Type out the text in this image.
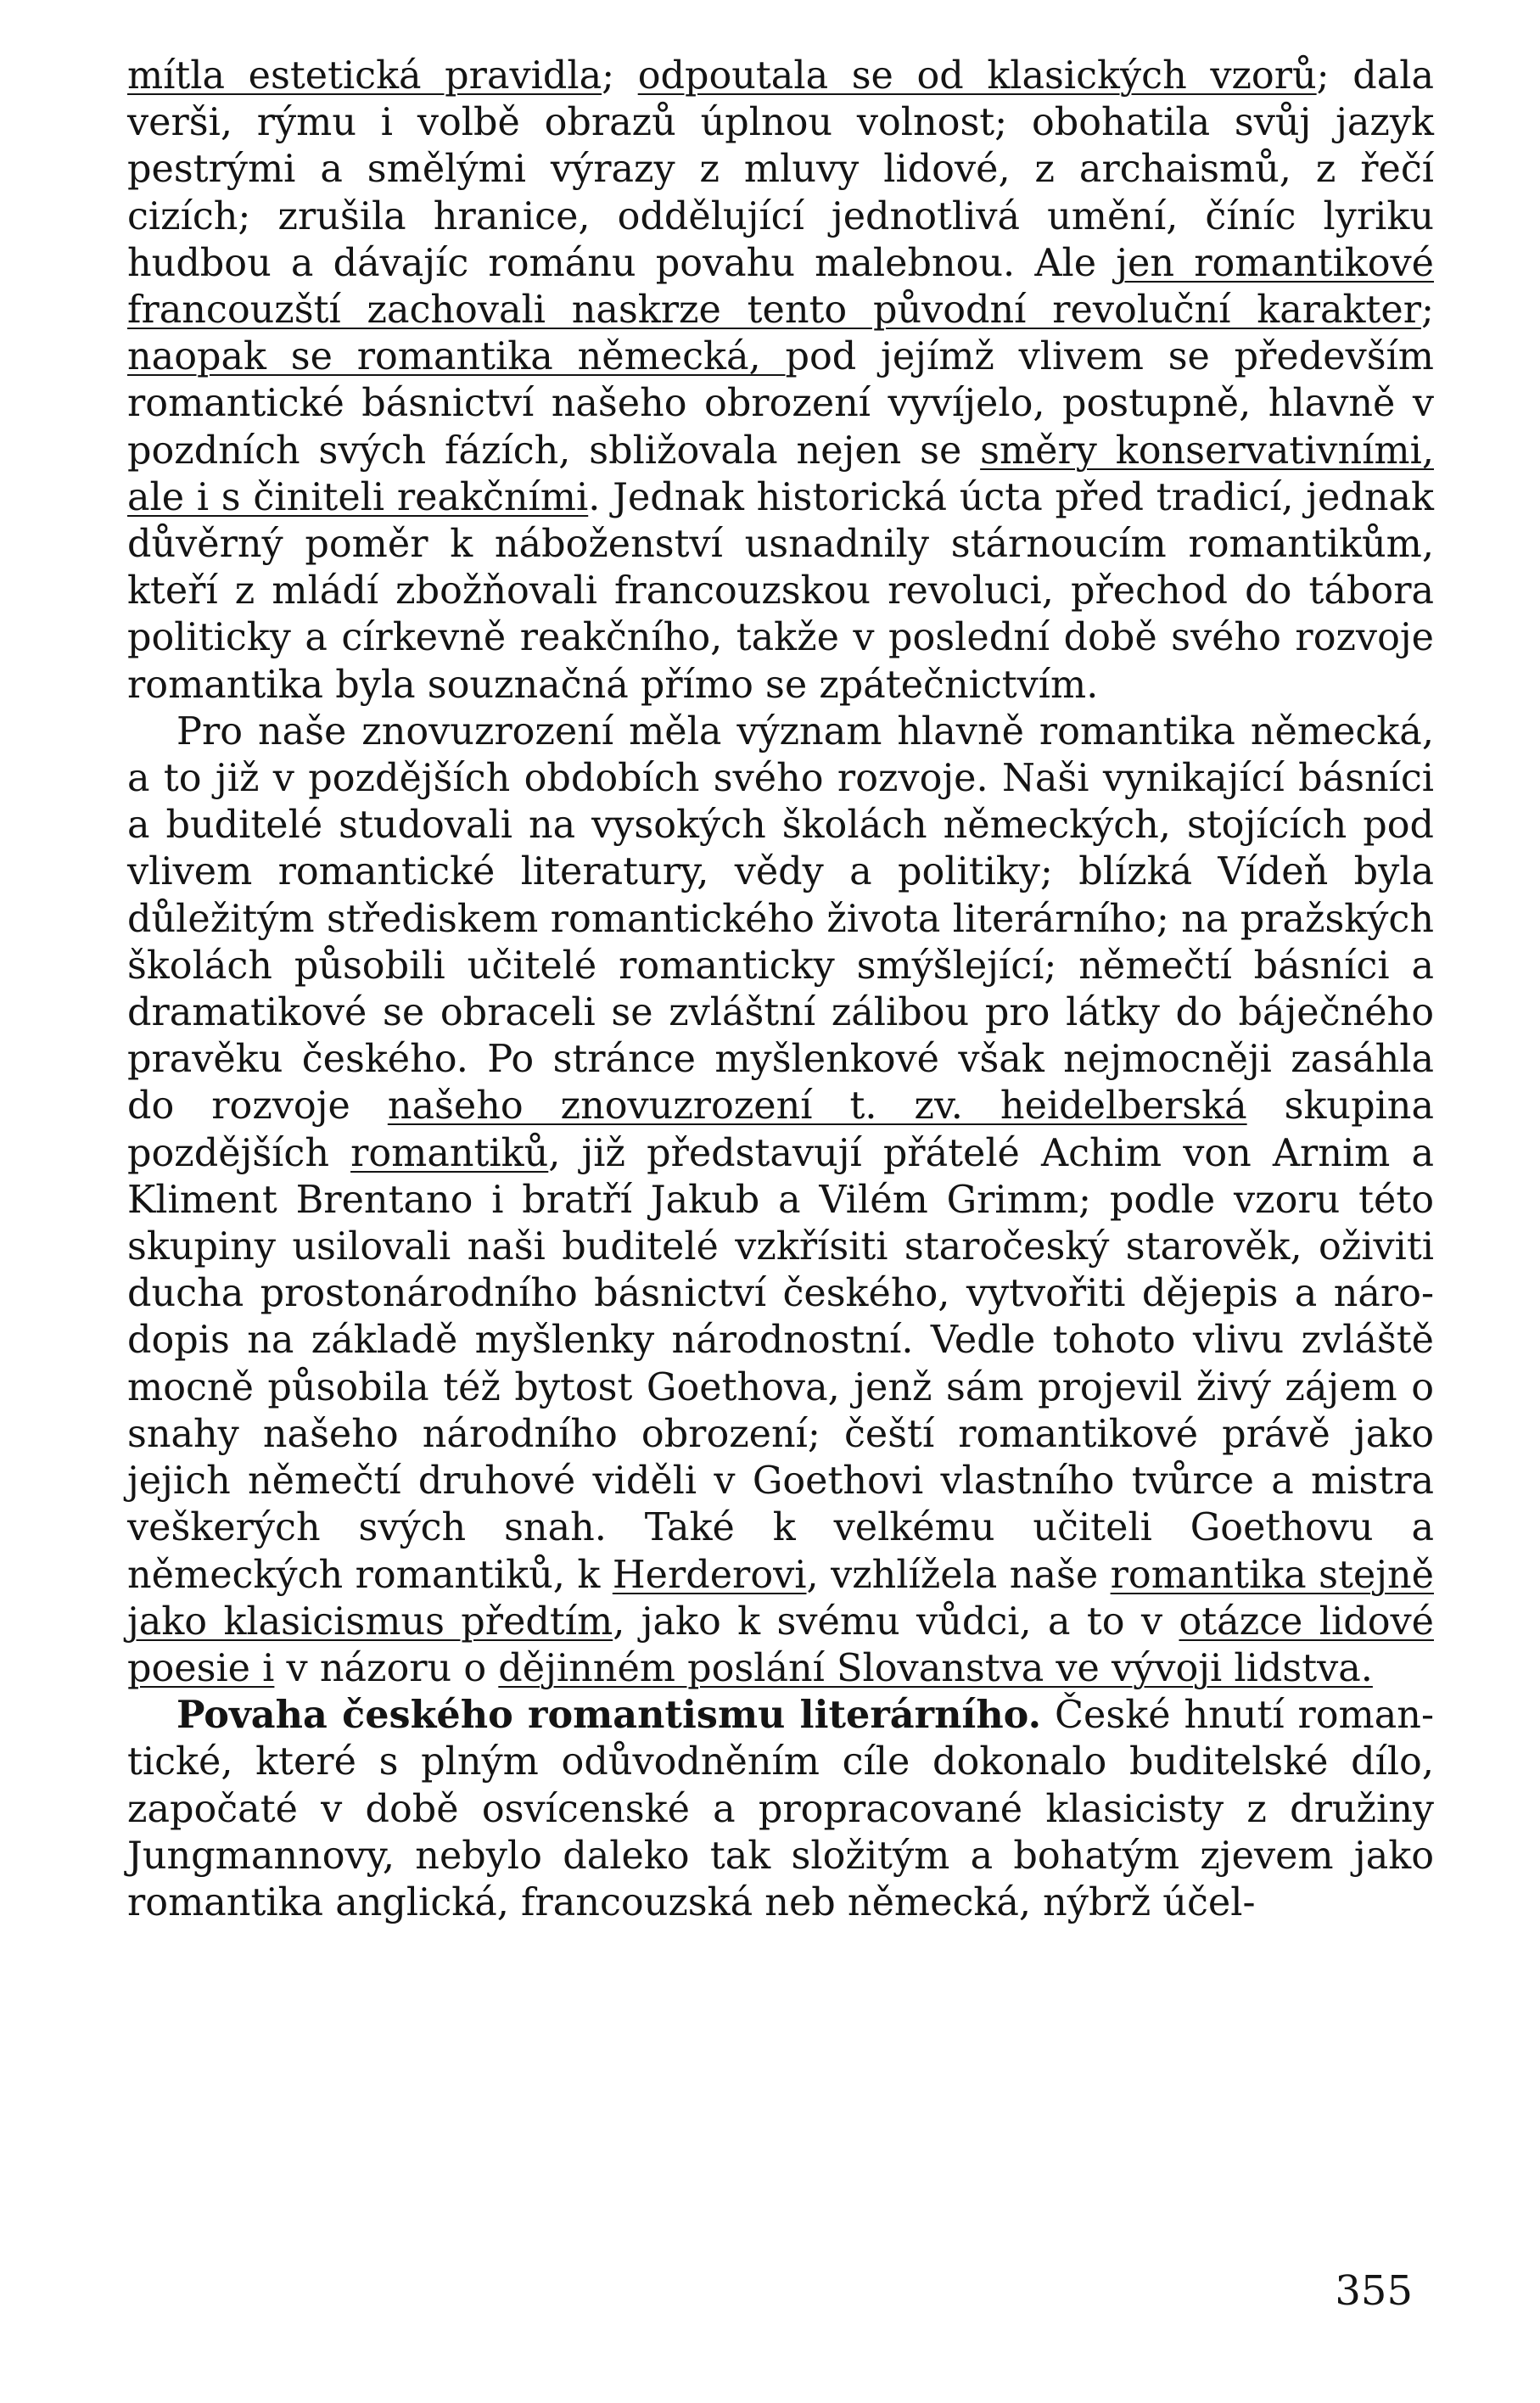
mítla estetická pravidla; odpoutala se od klasických vzorů; dala verši, rýmu i volbě obrazů úplnou volnost; obohatila svůj jazyk pestrými a smělými výrazy z mluvy lidové, z archaismů, z řečí cizích; zrušila hranice, oddělující jednotlivá umění, číníc lyriku hudbou a dávajíc románu povahu malebnou. Ale jen romantikové francouzští zachovali naskrze tento původní revoluční karakter; naopak se romantika německá, pod jejímž vlivem se především romantické básnictví našeho obrození vyvíjelo, postupně, hlavně v pozdních svých fázích, sbližovala nejen se směry konservativními, ale i s činiteli reakčními. Jednak historická úcta před tradicí, jednak důvěrný poměr k náboženství usnadnily stárnoucím romantikům, kteří z mládí zbožňovali francouzskou revoluci, přechod do tábora politicky a církevně reakčního, takže v poslední době svého rozvoje romantika byla souznačná přímo se zpátečnictvím.

Pro naše znovuzrození měla význam hlavně romantika německá, a to již v pozdějších obdobích svého rozvoje. Naši vynikající básníci a buditelé studovali na vysokých školách německých, stojících pod vlivem romantické literatury, vědy a politiky; blízká Vídeň byla důležitým střediskem romantického života literárního; na pražských školách působili učitelé romanticky smýšlející; němečtí básníci a dramatikové se obraceli se zvláštní zálibou pro látky do báječného pravěku českého. Po stránce myšlenkové však nejmocněji zasáhla do rozvoje našeho znovuzrození t. zv. heidelberská skupina pozdějších romantiků, již představují přátelé Achim von Arnim a Kliment Brentano i bratří Jakub a Vilém Grimm; podle vzoru této skupiny usilovali naši buditelé vzkřísiti staročeský starověk, oživiti ducha prostonárodního básnictví českého, vytvořiti dějepis a národopis na základě myšlenky národnostní. Vedle tohoto vlivu zvláště mocně působila též bytost Goethova, jenž sám projevil živý zájem o snahy našeho národního obrození; čeští romantikové právě jako jejich němečtí druhové viděli v Goethovi vlastního tvůrce a mistra veškerých svých snah. Také k velkému učiteli Goethovu a německých romantiků, k Herderovi, vzhlížela naše romantika stejně jako klasicismus předtím, jako k svému vůdci, a to v otázce lidové poesie i v názoru o dějinném poslání Slovanstva ve vývoji lidstva.

Povaha českého romantismu literárního. České hnutí romantické, které s plným odůvodněním cíle dokonalo buditelské dílo, započaté v době osvícenské a propracované klasicisty z družiny Jungmannovy, nebylo daleko tak složitým a bohatým zjevem jako romantika anglická, francouzská neb německá, nýbrž účel-

355
